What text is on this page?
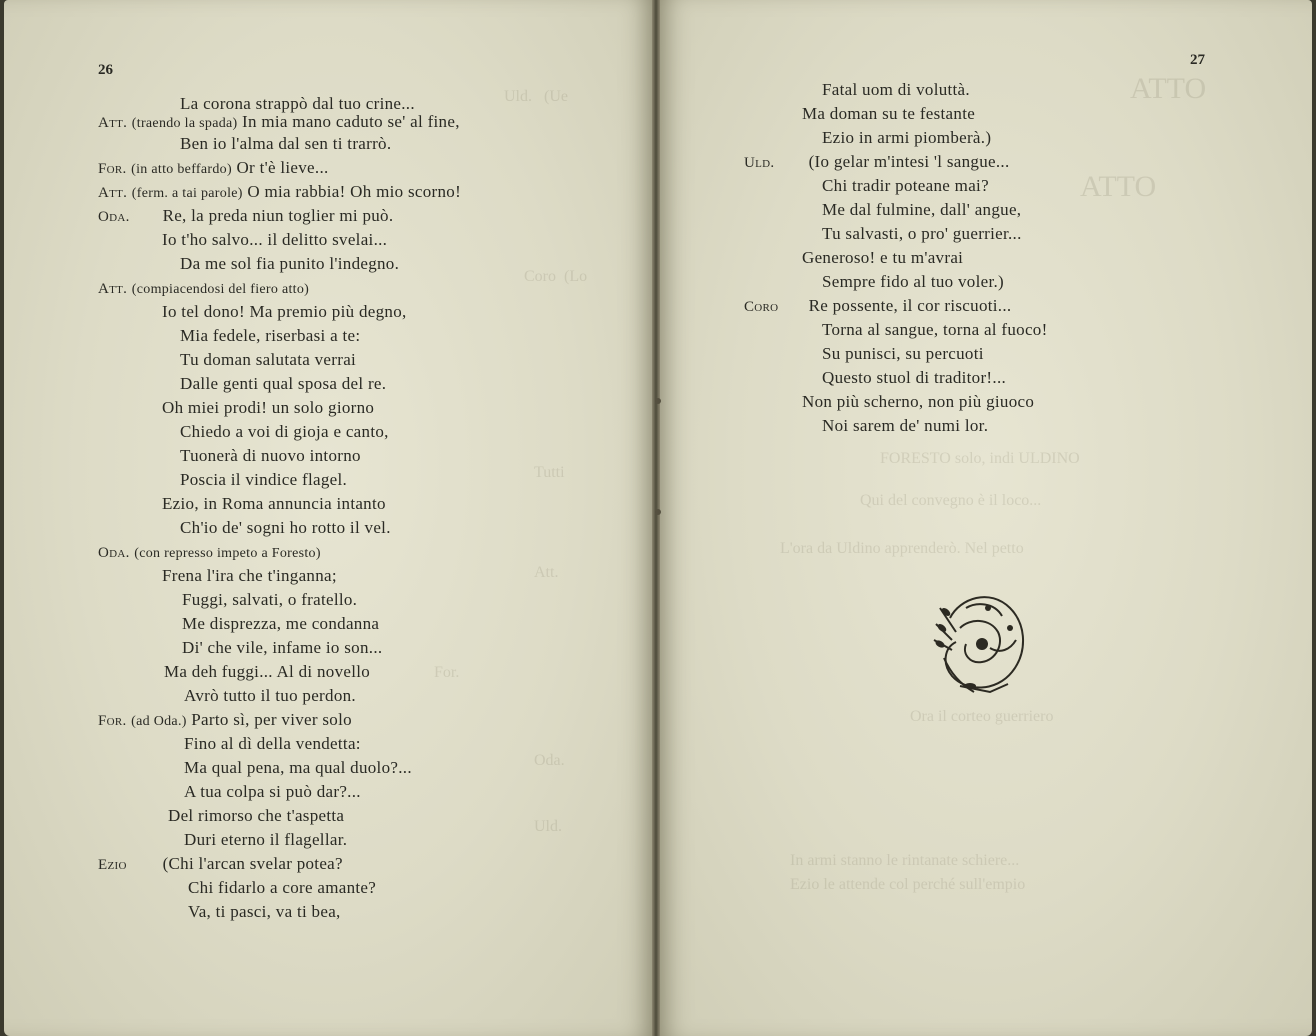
Uld.   (Ue
Coro  (Lo
Tutti
Att.
For.
Oda.
Uld.
26
La corona strappò dal tuo crine...
Att. (traendo la spada) In mia mano caduto se' al fine,
Ben io l'alma dal sen ti trarrò.
For. (in atto beffardo) Or t'è lieve...
Att. (ferm. a tai parole) O mia rabbia! Oh mio scorno!
Oda. Re, la preda niun toglier mi può.
Io t'ho salvo... il delitto svelai...
Da me sol fia punito l'indegno.
Att. (compiacendosi del fiero atto)
Io tel dono! Ma premio più degno,
Mia fedele, riserbasi a te:
Tu doman salutata verrai
Dalle genti qual sposa del re.
Oh miei prodi! un solo giorno
Chiedo a voi di gioja e canto,
Tuonerà di nuovo intorno
Poscia il vindice flagel.
Ezio, in Roma annuncia intanto
Ch'io de' sogni ho rotto il vel.
Oda. (con represso impeto a Foresto)
Frena l'ira che t'inganna;
Fuggi, salvati, o fratello.
Me disprezza, me condanna
Di' che vile, infame io son...
Ma deh fuggi... Al di novello
Avrò tutto il tuo perdon.
For. (ad Oda.) Parto sì, per viver solo
Fino al dì della vendetta:
Ma qual pena, ma qual duolo?...
A tua colpa si può dar?...
Del rimorso che t'aspetta
Duri eterno il flagellar.
Ezio (Chi l'arcan svelar potea?
Chi fidarlo a core amante?
Va, ti pasci, va ti bea,
ATTO
ATTO
FORESTO solo, indi ULDINO
Qui del convegno è il loco...
L'ora da Uldino apprenderò. Nel petto
Ora il corteo guerriero
In armi stanno le rintanate schiere...
Ezio le attende col perché sull'empio
27
Fatal uom di voluttà.
Ma doman su te festante
Ezio in armi piomberà.)
Uld. (Io gelar m'intesi 'l sangue...
Chi tradir poteane mai?
Me dal fulmine, dall' angue,
Tu salvasti, o pro' guerrier...
Generoso! e tu m'avrai
Sempre fido al tuo voler.)
Coro Re possente, il cor riscuoti...
Torna al sangue, torna al fuoco!
Su punisci, su percuoti
Questo stuol di traditor!...
Non più scherno, non più giuoco
Noi sarem de' numi lor.
